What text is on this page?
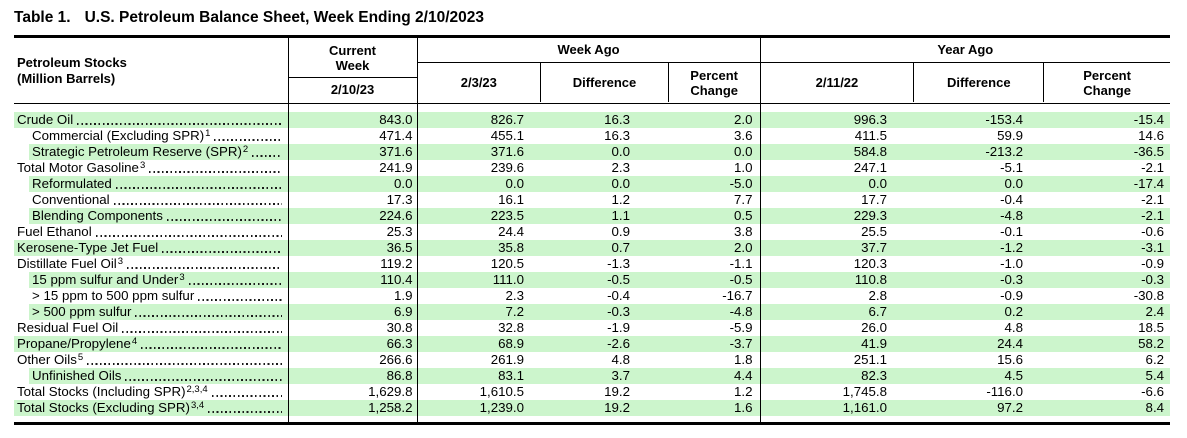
Table 1. U.S. Petroleum Balance Sheet, Week Ending 2/10/2023
Petroleum Stocks
(Million Barrels)

Current Week
2/10/23

Week Ago
2/3/23	Difference	Percent Change

Year Ago
2/11/22	Difference	Percent Change

Crude Oil	843.0	826.7	16.3	2.0	996.3	-153.4	-15.4

Commercial (Excluding SPR)$^1$	471.4	455.1	16.3	3.6	411.5	59.9	14.6

Strategic Petroleum Reserve (SPR)$^2$	371.6	371.6	0.0	0.0	584.8	-213.2	-36.5

Total Motor Gasoline$^3$	241.9	239.6	2.3	1.0	247.1	-5.1	-2.1

Reformulated	0.0	0.0	0.0	-5.0	0.0	0.0	-17.4

Conventional	17.3	16.1	1.2	7.7	17.7	-0.4	-2.1

Blending Components	224.6	223.5	1.1	0.5	229.3	-4.8	-2.1

Fuel Ethanol	25.3	24.4	0.9	3.8	25.5	-0.1	-0.6

Kerosene-Type Jet Fuel	36.5	35.8	0.7	2.0	37.7	-1.2	-3.1

Distillate Fuel Oil$^3$	119.2	120.5	-1.3	-1.1	120.3	-1.0	-0.9

15 ppm sulfur and Under$^3$	110.4	111.0	-0.5	-0.5	110.8	-0.3	-0.3

> 15 ppm to 500 ppm sulfur	1.9	2.3	-0.4	-16.7	2.8	-0.9	-30.8

> 500 ppm sulfur	6.9	7.2	-0.3	-4.8	6.7	0.2	2.4

Residual Fuel Oil	30.8	32.8	-1.9	-5.9	26.0	4.8	18.5

Propane/Propylene$^4$	66.3	68.9	-2.6	-3.7	41.9	24.4	58.2

Other Oils$^5$	266.6	261.9	4.8	1.8	251.1	15.6	6.2

Unfinished Oils	86.8	83.1	3.7	4.4	82.3	4.5	5.4

Total Stocks (Including SPR)$^{2,3,4}$	1,629.8	1,610.5	19.2	1.2	1,745.8	-116.0	-6.6

Total Stocks (Excluding SPR)$^{3,4}$	1,258.2	1,239.0	19.2	1.6	1,161.0	97.2	8.4
